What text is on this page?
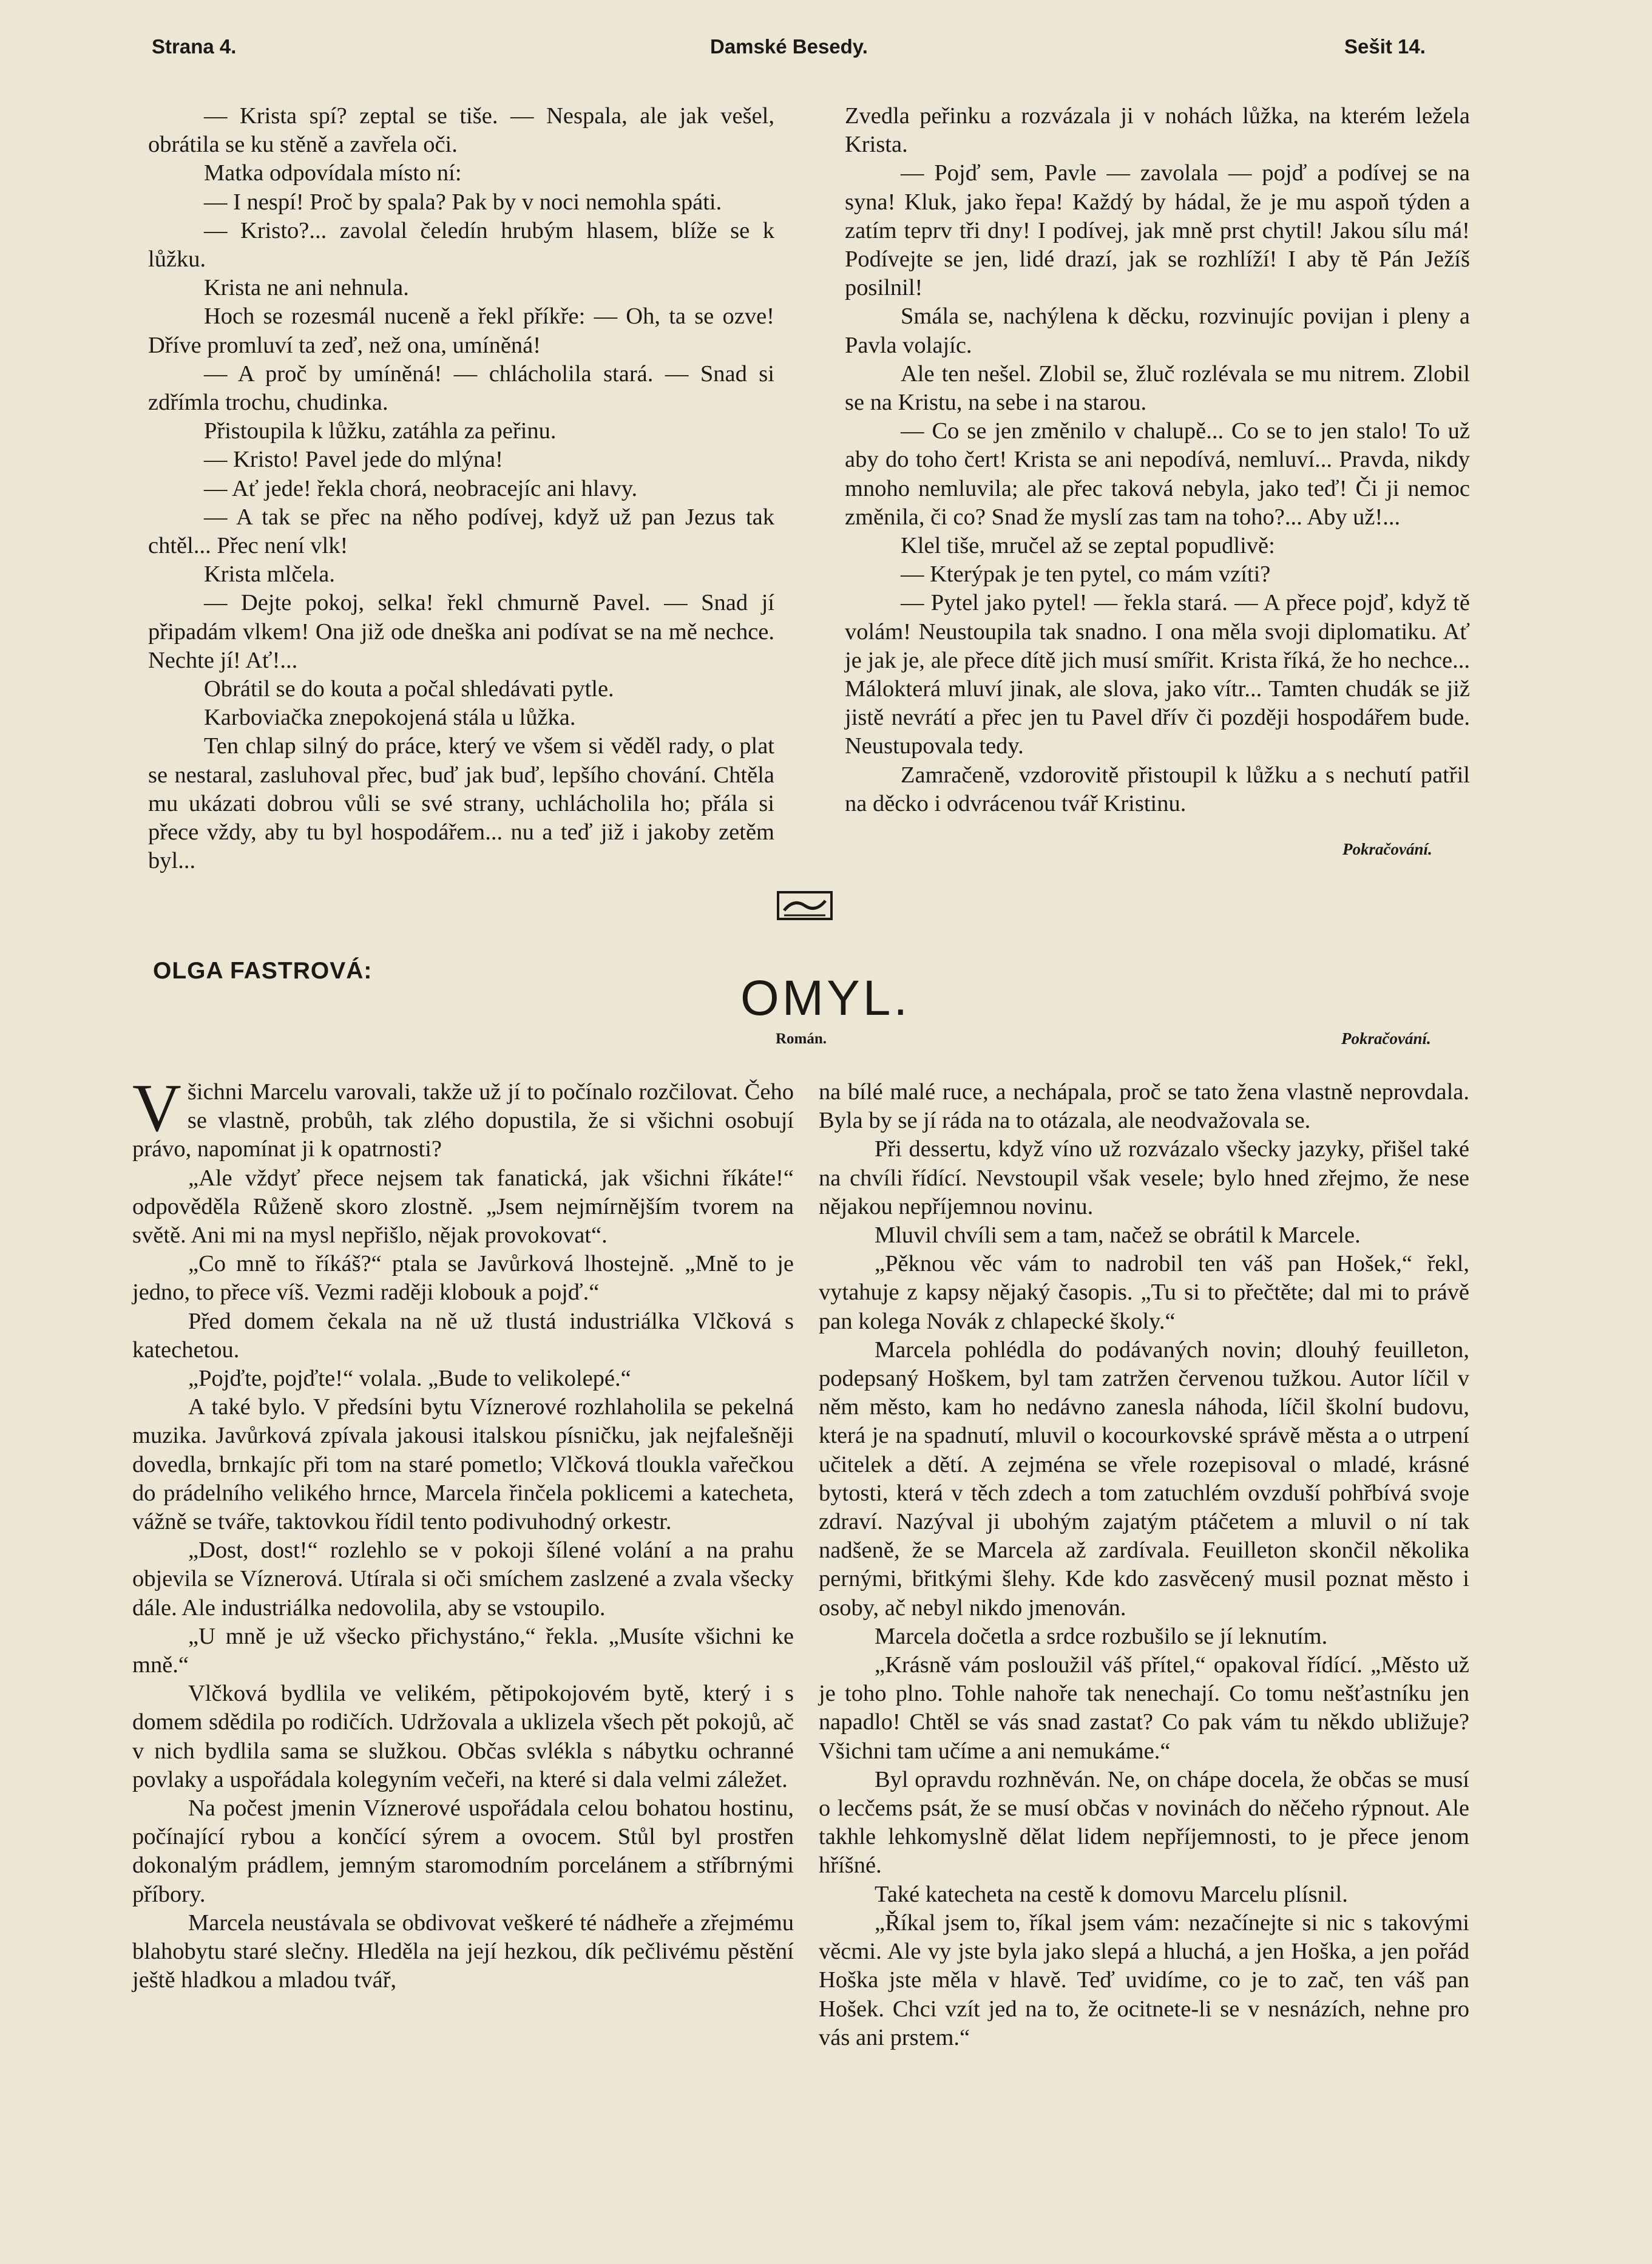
Strana 4.	Damské Besedy.	Sešit 14.

— Krista spí? zeptal se tiše. — Nespala, ale jak vešel, obrátila se ku stěně a zavřela oči.

Matka odpovídala místo ní:

— I nespí! Proč by spala? Pak by v noci nemohla spáti.

— Kristo?... zavolal čeledín hrubým hlasem, blíže se k lůžku.

Krista ne ani nehnula.

Hoch se rozesmál nuceně a řekl příkře: — Oh, ta se ozve! Dříve promluví ta zeď, než ona, umíněná!

— A proč by umíněná! — chlácholila stará. — Snad si zdřímla trochu, chudinka.

Přistoupila k lůžku, zatáhla za peřinu.

— Kristo! Pavel jede do mlýna!

— Ať jede! řekla chorá, neobracejíc ani hlavy.

— A tak se přec na něho podívej, když už pan Jezus tak chtěl... Přec není vlk!

Krista mlčela.

— Dejte pokoj, selka! řekl chmurně Pavel. — Snad jí připadám vlkem! Ona již ode dneška ani podívat se na mě nechce. Nechte jí! Ať!...

Obrátil se do kouta a počal shledávati pytle.

Karboviačka znepokojená stála u lůžka.

Ten chlap silný do práce, který ve všem si věděl rady, o plat se nestaral, zasluhoval přec, buď jak buď, lepšího chování. Chtěla mu ukázati dobrou vůli se své strany, uchlácholila ho; přála si přece vždy, aby tu byl hospodářem... nu a teď již i jakoby zetěm byl...

Zvedla peřinku a rozvázala ji v nohách lůžka, na kterém ležela Krista.

— Pojď sem, Pavle — zavolala — pojď a podívej se na syna! Kluk, jako řepa! Každý by hádal, že je mu aspoň týden a zatím teprv tři dny! I podívej, jak mně prst chytil! Jakou sílu má! Podívejte se jen, lidé drazí, jak se rozhlíží! I aby tě Pán Ježíš posilnil!

Smála se, nachýlena k děcku, rozvinujíc povijan i pleny a Pavla volajíc.

Ale ten nešel. Zlobil se, žluč rozlévala se mu nitrem. Zlobil se na Kristu, na sebe i na starou.

— Co se jen změnilo v chalupě... Co se to jen stalo! To už aby do toho čert! Krista se ani nepodívá, nemluví... Pravda, nikdy mnoho nemluvila; ale přec taková nebyla, jako teď! Či ji nemoc změnila, či co? Snad že myslí zas tam na toho?... Aby už!...

Klel tiše, mručel až se zeptal popudlivě:

— Kterýpak je ten pytel, co mám vzíti?

— Pytel jako pytel! — řekla stará. — A přece pojď, když tě volám! Neustoupila tak snadno. I ona měla svoji diplomatiku. Ať je jak je, ale přece dítě jich musí smířit. Krista říká, že ho nechce... Málokterá mluví jinak, ale slova, jako vítr... Tamten chudák se již jistě nevrátí a přec jen tu Pavel dřív či později hospodářem bude. Neustupovala tedy.

Zamračeně, vzdorovitě přistoupil k lůžku a s nechutí patřil na děcko i odvrácenou tvář Kristinu.

Pokračování.
OLGA FASTROVÁ:	OMYL.
Román.	Pokračování.

Všichni Marcelu varovali, takže už jí to počínalo rozčilovat. Čeho se vlastně, probůh, tak zlého dopustila, že si všichni osobují právo, napomínat ji k opatrnosti?

„Ale vždyť přece nejsem tak fanatická, jak všichni říkáte!“ odpověděla Růženě skoro zlostně. „Jsem nejmírnějším tvorem na světě. Ani mi na mysl nepřišlo, nějak provokovat“.

„Co mně to říkáš?“ ptala se Javůrková lhostejně. „Mně to je jedno, to přece víš. Vezmi raději klobouk a pojď.“

Před domem čekala na ně už tlustá industriálka Vlčková s katechetou.

„Pojďte, pojďte!“ volala. „Bude to velikolepé.“

A také bylo. V předsíni bytu Víznerové rozhlaholila se pekelná muzika. Javůrková zpívala jakousi italskou písničku, jak nejfalešněji dovedla, brnkajíc při tom na staré pometlo; Vlčková tloukla vařečkou do prádelního velikého hrnce, Marcela řinčela poklicemi a katecheta, vážně se tváře, taktovkou řídil tento podivuhodný orkestr.

„Dost, dost!“ rozlehlo se v pokoji šílené volání a na prahu objevila se Víznerová. Utírala si oči smíchem zaslzené a zvala všecky dále. Ale industriálka nedovolila, aby se vstoupilo.

„U mně je už všecko přichystáno,“ řekla. „Musíte všichni ke mně.“

Vlčková bydlila ve velikém, pětipokojovém bytě, který i s domem sdědila po rodičích. Udržovala a uklizela všech pět pokojů, ač v nich bydlila sama se služkou. Občas svlékla s nábytku ochranné povlaky a uspořádala kolegyním večeři, na které si dala velmi záležet.

Na počest jmenin Víznerové uspořádala celou bohatou hostinu, počínající rybou a končící sýrem a ovocem. Stůl byl prostřen dokonalým prádlem, jemným staromodním porcelánem a stříbrnými příbory.

Marcela neustávala se obdivovat veškeré té nádheře a zřejmému blahobytu staré slečny. Hleděla na její hezkou, dík pečlivému pěstění ještě hladkou a mladou tvář,

na bílé malé ruce, a nechápala, proč se tato žena vlastně neprovdala. Byla by se jí ráda na to otázala, ale neodvažovala se.

Při dessertu, když víno už rozvázalo všecky jazyky, přišel také na chvíli řídící. Nevstoupil však vesele; bylo hned zřejmo, že nese nějakou nepříjemnou novinu.

Mluvil chvíli sem a tam, načež se obrátil k Marcele.

„Pěknou věc vám to nadrobil ten váš pan Hošek,“ řekl, vytahuje z kapsy nějaký časopis. „Tu si to přečtěte; dal mi to právě pan kolega Novák z chlapecké školy.“

Marcela pohlédla do podávaných novin; dlouhý feuilleton, podepsaný Hoškem, byl tam zatržen červenou tužkou. Autor líčil v něm město, kam ho nedávno zanesla náhoda, líčil školní budovu, která je na spadnutí, mluvil o kocourkovské správě města a o utrpení učitelek a dětí. A zejména se vřele rozepisoval o mladé, krásné bytosti, která v těch zdech a tom zatuchlém ovzduší pohřbívá svoje zdraví. Nazýval ji ubohým zajatým ptáčetem a mluvil o ní tak nadšeně, že se Marcela až zardívala. Feuilleton skončil několika pernými, břitkými šlehy. Kde kdo zasvěcený musil poznat město i osoby, ač nebyl nikdo jmenován.

Marcela dočetla a srdce rozbušilo se jí leknutím.

„Krásně vám posloužil váš přítel,“ opakoval řídící. „Město už je toho plno. Tohle nahoře tak nenechají. Co tomu nešťastníku jen napadlo! Chtěl se vás snad zastat? Co pak vám tu někdo ubližuje? Všichni tam učíme a ani nemukáme.“

Byl opravdu rozhněván. Ne, on chápe docela, že občas se musí o lecčems psát, že se musí občas v novinách do něčeho rýpnout. Ale takhle lehkomyslně dělat lidem nepříjemnosti, to je přece jenom hříšné.

Také katecheta na cestě k domovu Marcelu plísnil.

„Říkal jsem to, říkal jsem vám: nezačínejte si nic s takovými věcmi. Ale vy jste byla jako slepá a hluchá, a jen Hoška, a jen pořád Hoška jste měla v hlavě. Teď uvidíme, co je to zač, ten váš pan Hošek. Chci vzít jed na to, že ocitnete-li se v nesnázích, nehne pro vás ani prstem.“
